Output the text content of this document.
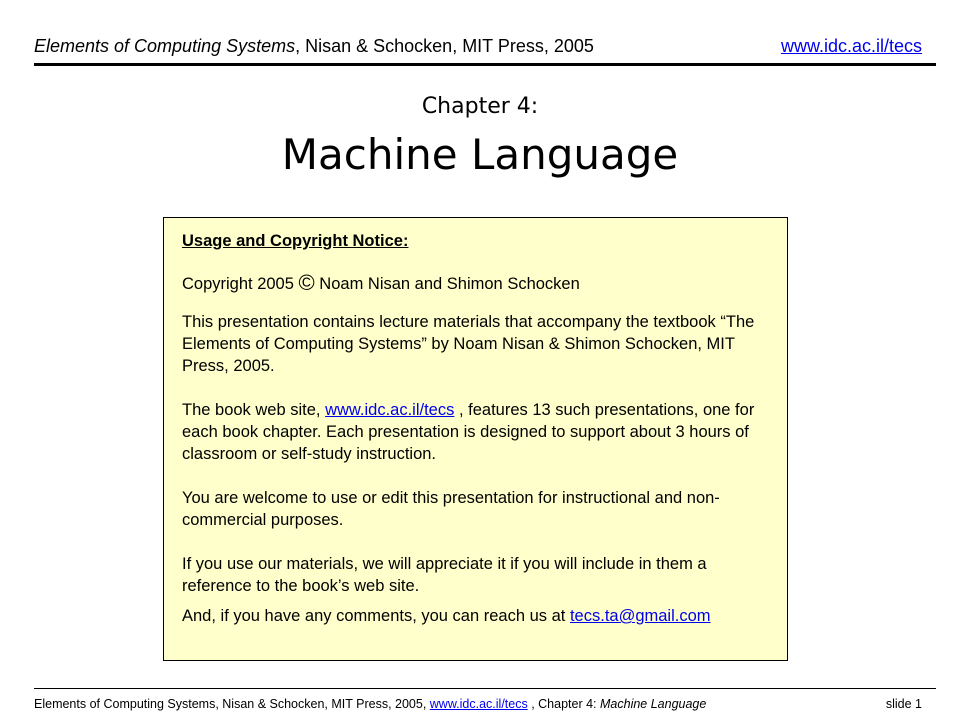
Elements of Computing Systems, Nisan & Schocken, MIT Press, 2005	www.idc.ac.il/tecs
Chapter 4:
Machine Language

Usage and Copyright Notice:

Copyright 2005 © Noam Nisan and Shimon Schocken

This presentation contains lecture materials that accompany the textbook “The Elements of Computing Systems” by Noam Nisan & Shimon Schocken, MIT Press, 2005.

The book web site, www.idc.ac.il/tecs , features 13 such presentations, one for each book chapter. Each presentation is designed to support about 3 hours of classroom or self-study instruction.

You are welcome to use or edit this presentation for instructional and non-commercial purposes.

If you use our materials, we will appreciate it if you will include in them a reference to the book’s web site.

And, if you have any comments, you can reach us at tecs.ta@gmail.com

Elements of Computing Systems, Nisan & Schocken, MIT Press, 2005, www.idc.ac.il/tecs , Chapter 4: Machine Language	slide 1
